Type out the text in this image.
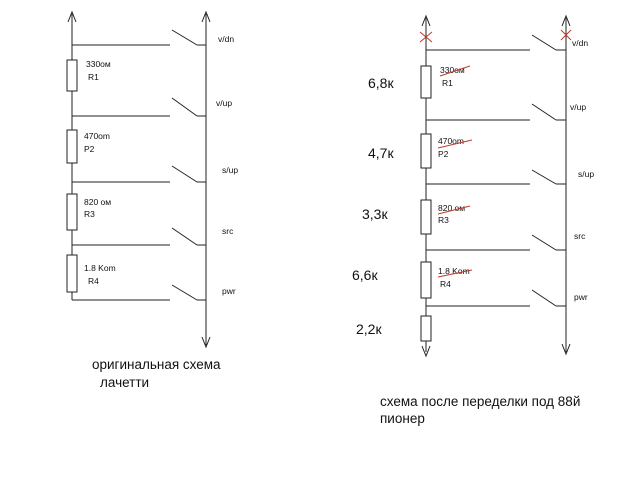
330ом
R1
470om
P2
820 ом
R3
1.8 Kom
R4
v/dn
v/up
s/up
src
pwr
оригинальная схема
лачетти
330ом
R1
470om
P2
820 ом
R3
1.8 Kom
R4
6,8к
4,7к
3,3к
6,6к
2,2к
v/dn
v/up
s/up
src
pwr
схема после переделки под 88й
пионер
